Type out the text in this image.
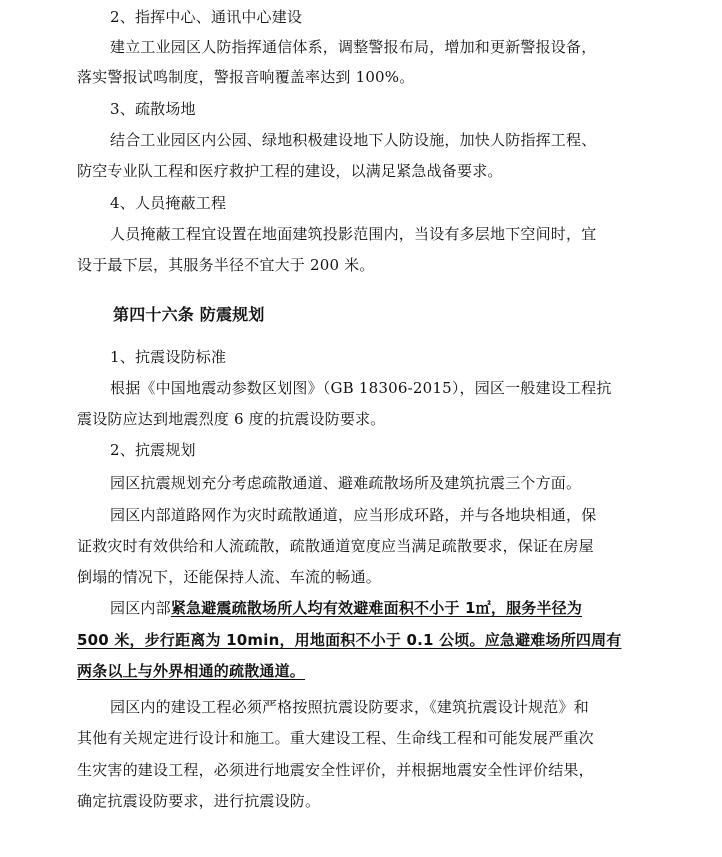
2、指挥中心、通讯中心建设
建立工业园区人防指挥通信体系，调整警报布局，增加和更新警报设备，
落实警报试鸣制度，警报音响覆盖率达到 100%。
3、疏散场地
结合工业园区内公园、绿地积极建设地下人防设施，加快人防指挥工程、
防空专业队工程和医疗救护工程的建设，以满足紧急战备要求。
4、人员掩蔽工程
人员掩蔽工程宜设置在地面建筑投影范围内，当设有多层地下空间时，宜
设于最下层，其服务半径不宜大于 200 米。
第四十六条 防震规划
1、抗震设防标准
根据《中国地震动参数区划图》（GB 18306-2015），园区一般建设工程抗
震设防应达到地震烈度 6 度的抗震设防要求。
2、抗震规划
园区抗震规划充分考虑疏散通道、避难疏散场所及建筑抗震三个方面。
园区内部道路网作为灾时疏散通道，应当形成环路，并与各地块相通，保
证救灾时有效供给和人流疏散，疏散通道宽度应当满足疏散要求，保证在房屋
倒塌的情况下，还能保持人流、车流的畅通。
园区内部紧急避震疏散场所人均有效避难面积不小于 1㎡，服务半径为
500 米，步行距离为 10min，用地面积不小于 0.1 公顷。应急避难场所四周有
两条以上与外界相通的疏散通道。
园区内的建设工程必须严格按照抗震设防要求，《建筑抗震设计规范》和
其他有关规定进行设计和施工。重大建设工程、生命线工程和可能发展严重次
生灾害的建设工程，必须进行地震安全性评价，并根据地震安全性评价结果，
确定抗震设防要求，进行抗震设防。
